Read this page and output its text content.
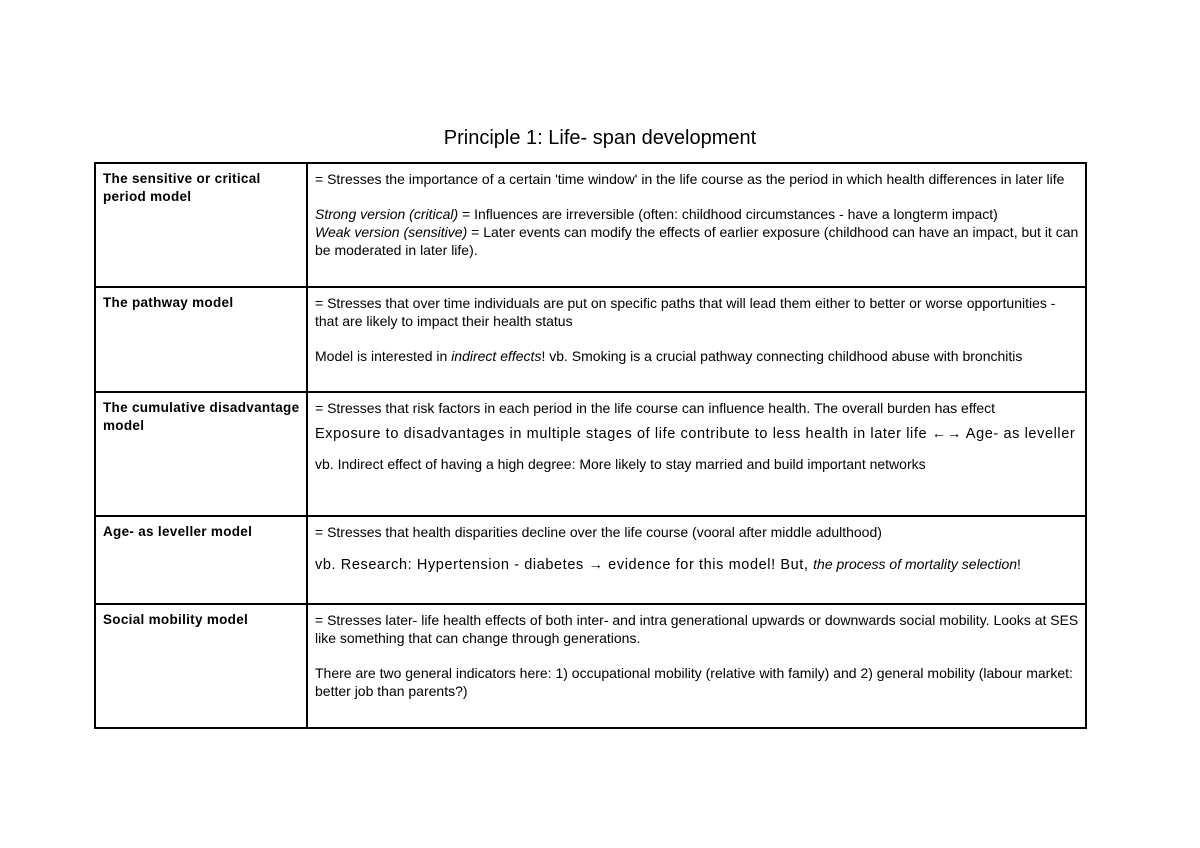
Principle 1: Life- span development
The sensitive or critical period model	= Stresses the importance of a certain 'time window' in the life course as the period in which health differences in later life
Strong version (critical) = Influences are irreversible (often: childhood circumstances - have a longterm impact)
Weak version (sensitive) = Later events can modify the effects of earlier exposure (childhood can have an impact, but it can be moderated in later life).

The pathway model	= Stresses that over time individuals are put on specific paths that will lead them either to better or worse opportunities - that are likely to impact their health status
Model is interested in indirect effects! vb. Smoking is a crucial pathway connecting childhood abuse with bronchitis

The cumulative disadvantage model	= Stresses that risk factors in each period in the life course can influence health. The overall burden has effect
Exposure to disadvantages in multiple stages of life contribute to less health in later life ←→ Age- as leveller
vb. Indirect effect of having a high degree: More likely to stay married and build important networks

Age- as leveller model	= Stresses that health disparities decline over the life course (vooral after middle adulthood)
vb. Research: Hypertension - diabetes → evidence for this model! But, the process of mortality selection!

Social mobility model	= Stresses later- life health effects of both inter- and intra generational upwards or downwards social mobility. Looks at SES like something that can change through generations.
There are two general indicators here: 1) occupational mobility (relative with family) and 2) general mobility (labour market: better job than parents?)
